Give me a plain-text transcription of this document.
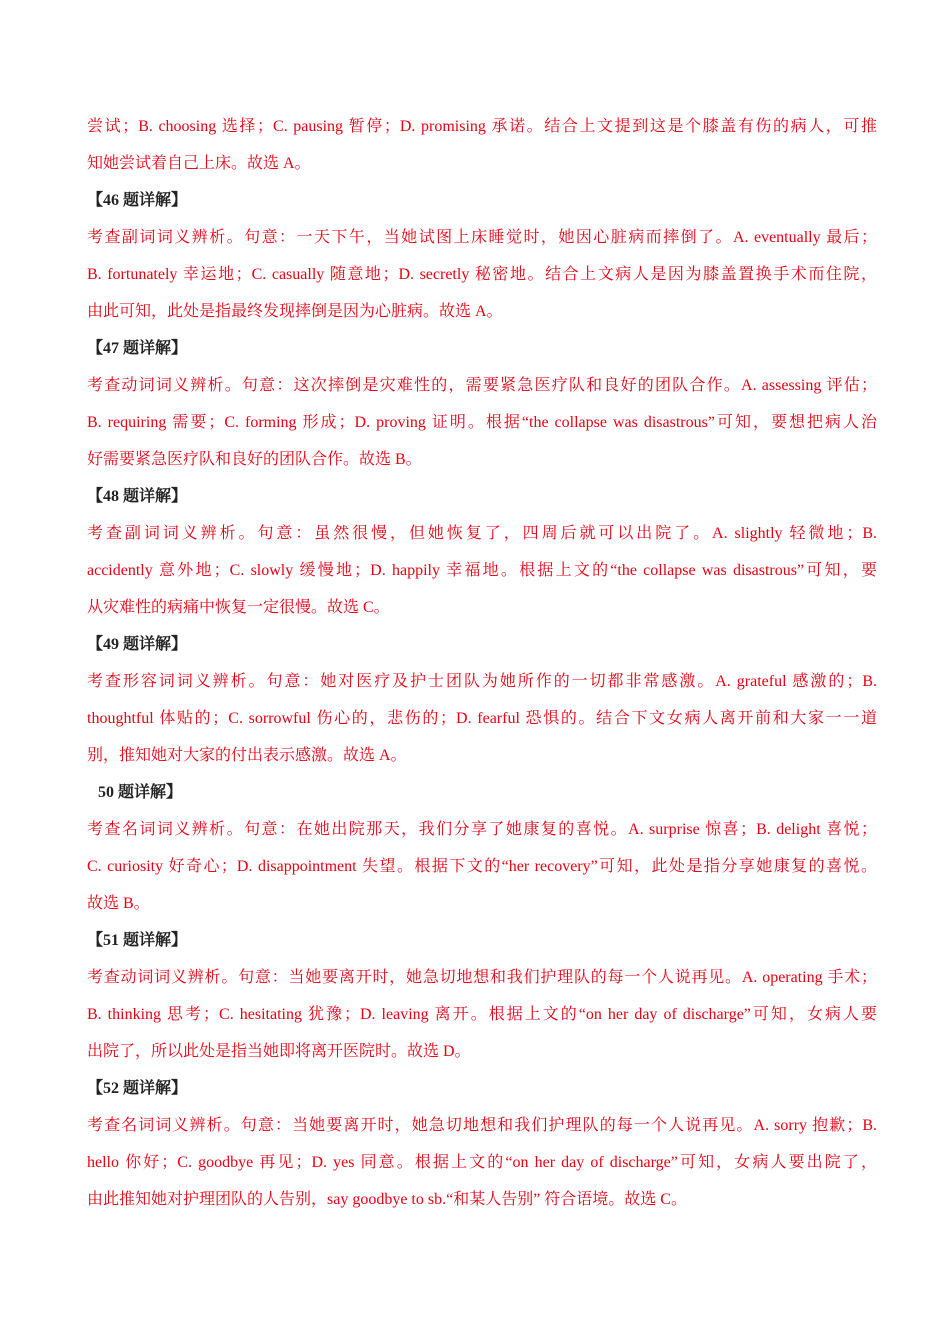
尝试；B. choosing 选择；C. pausing 暂停；D. promising 承诺。结合上文提到这是个膝盖有伤的病人，可推
知她尝试着自己上床。故选 A。
【46 题详解】
考查副词词义辨析。句意：一天下午，当她试图上床睡觉时，她因心脏病而摔倒了。A. eventually 最后；
B. fortunately 幸运地；C. casually 随意地；D. secretly 秘密地。结合上文病人是因为膝盖置换手术而住院，
由此可知，此处是指最终发现摔倒是因为心脏病。故选 A。
【47 题详解】
考查动词词义辨析。句意：这次摔倒是灾难性的，需要紧急医疗队和良好的团队合作。A. assessing 评估；
B. requiring 需要；C. forming 形成；D. proving 证明。根据“the collapse was disastrous”可知，要想把病人治
好需要紧急医疗队和良好的团队合作。故选 B。
【48 题详解】
考查副词词义辨析。句意：虽然很慢，但她恢复了，四周后就可以出院了。A. slightly 轻微地；B.
accidently 意外地；C. slowly 缓慢地；D. happily 幸福地。根据上文的“the collapse was disastrous”可知，要
从灾难性的病痛中恢复一定很慢。故选 C。
【49 题详解】
考查形容词词义辨析。句意：她对医疗及护士团队为她所作的一切都非常感激。A. grateful 感激的；B.
thoughtful 体贴的；C. sorrowful 伤心的，悲伤的；D. fearful 恐惧的。结合下文女病人离开前和大家一一道
别，推知她对大家的付出表示感激。故选 A。
50 题详解】
考查名词词义辨析。句意：在她出院那天，我们分享了她康复的喜悦。A. surprise 惊喜；B. delight 喜悦；
C. curiosity 好奇心；D. disappointment 失望。根据下文的“her recovery”可知，此处是指分享她康复的喜悦。
故选 B。
【51 题详解】
考查动词词义辨析。句意：当她要离开时，她急切地想和我们护理队的每一个人说再见。A. operating 手术；
B. thinking 思考；C. hesitating 犹豫；D. leaving 离开。根据上文的“on her day of discharge”可知，女病人要
出院了，所以此处是指当她即将离开医院时。故选 D。
【52 题详解】
考查名词词义辨析。句意：当她要离开时，她急切地想和我们护理队的每一个人说再见。A. sorry 抱歉；B.
hello 你好；C. goodbye 再见；D. yes 同意。根据上文的“on her day of discharge”可知，女病人要出院了，
由此推知她对护理团队的人告别，say goodbye to sb.“和某人告别” 符合语境。故选 C。
